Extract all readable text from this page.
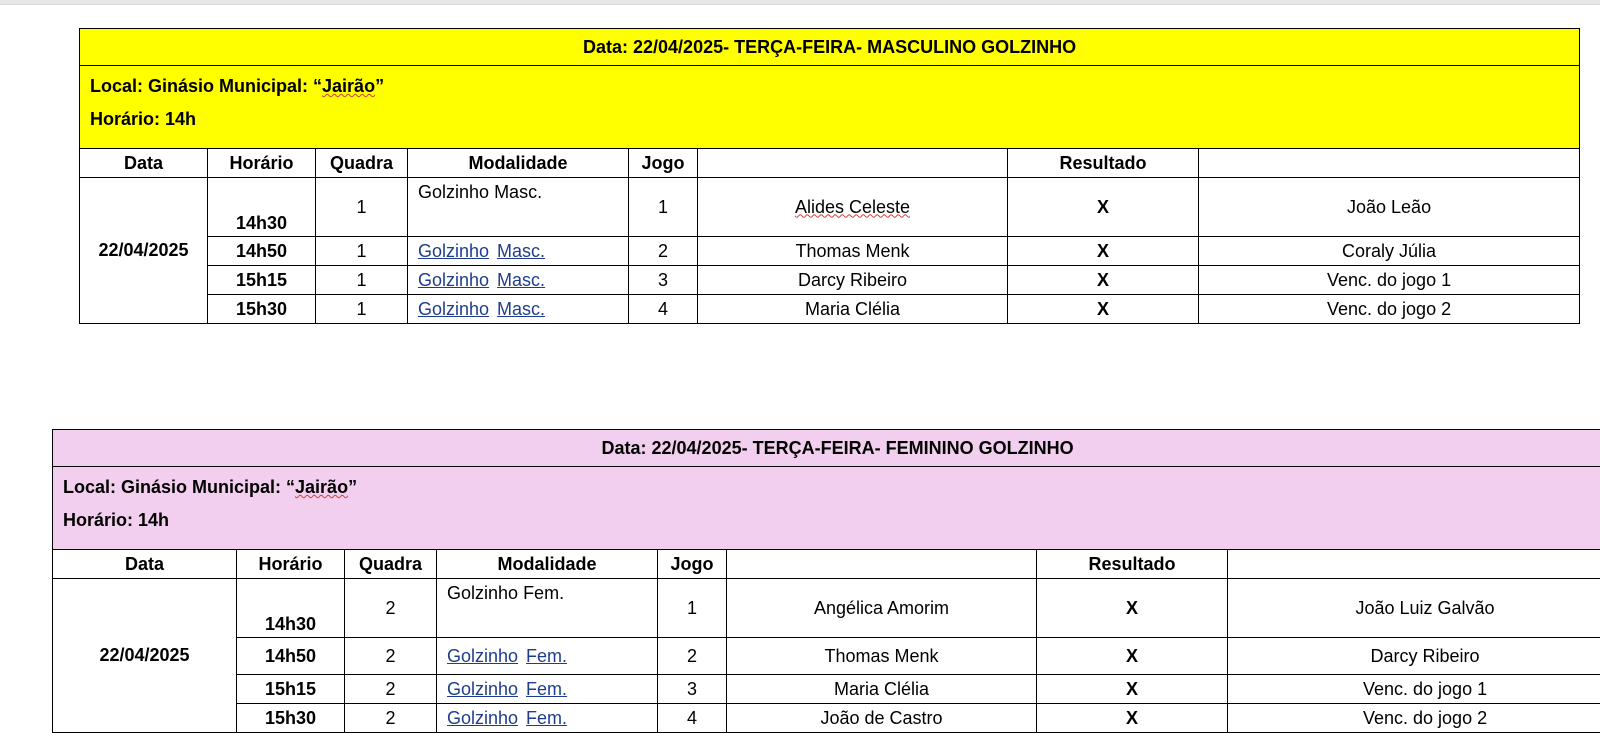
Data: 22/04/2025- TERÇA-FEIRA- MASCULINO GOLZINHO							

Local: Ginásio Municipal: “Jairão”
Horário: 14h							

Data	Horário	Quadra	Modalidade	Jogo		Resultado	
22/04/2025	14h30	1	Golzinho Masc.	1	Alides Celeste	X	João Leão
	14h50	1	Golzinho Masc.	2	Thomas Menk	X	Coraly Júlia
	15h15	1	Golzinho Masc.	3	Darcy Ribeiro	X	Venc. do jogo 1
	15h30	1	Golzinho Masc.	4	Maria Clélia	X	Venc. do jogo 2
Data: 22/04/2025- TERÇA-FEIRA- FEMININO GOLZINHO							

Local: Ginásio Municipal: “Jairão”
Horário: 14h							

Data	Horário	Quadra	Modalidade	Jogo		Resultado	
22/04/2025	14h30	2	Golzinho Fem.	1	Angélica Amorim	X	João Luiz Galvão
	14h50	2	Golzinho Fem.	2	Thomas Menk	X	Darcy Ribeiro
	15h15	2	Golzinho Fem.	3	Maria Clélia	X	Venc. do jogo 1
	15h30	2	Golzinho Fem.	4	João de Castro	X	Venc. do jogo 2
